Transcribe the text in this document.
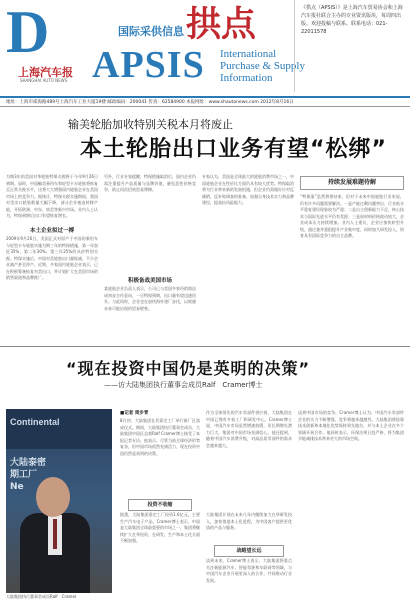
D
上海汽车报
SHANGHAI AUTO NEWS
国际采供信息 拱点
APSIS International
Purchase & Supply
Information
《拱点（APSIS）》是上海汽车贸易协会和上海汽车报社联合主办的专业资讯版块，每周四出版。欢迎投稿与联系。联系电话：021-22011578
地址：上海市威海路489号上海汽车工业大厦19楼 邮政编码：200041 传真：62584900 本报网址：www.shautonews.com 2012年8月16日
输美轮胎加收特别关税本月将废止
本土轮胎出口业务有望“松绑”
为期3年的美国对华轮胎特保关税将于今年9月26日到期。届时，中国輸美乘用车和轻型卡车轮胎将恢复至正常关税水平，这将大大增强国内轮胎企业在美国市场上的竞争力。据统计，特保关税实施期间，我国对美出口轮胎数量大幅下降，部分企业被迫转移产能，开拓欧洲、中东、南美等新兴市场。业内人士认为，特保到期后出口有望恢复增长。
本土企业拟过一搏
2009年9月26日，美国正式对原产于中国的乘用车与轻型卡车轮胎实施为期三年的特保措施，第一年加征35%、第二年30%、第三年25%的从价特别关税。特保实施后，中国对美轮胎出口量锐减，不少企业减产甚至停产。近期，多家国内轮胎企业表示，已在积极筹备恢复对美出口，并计划扩大在美国市场的销售渠道和品牌推广。
另外，行业专家提醒，特保措施取消后，国内企业仍需注重提升产品质量与品牌价值，避免恶性价格竞争，防止再次招致贸易摩擦。
积极备战美国市场
某轮胎企业负责人表示，公司已与美国多家经销商达成初步合作意向，一旦特保到期，出口量有望迅速回升。与此同时，企业也在加快海外建厂步伐，以规避未来可能出现的贸易壁垒。
专家认为，美国是全球最大的轮胎消费市场之一，中国轮胎企业在性价比方面仍具有较大优势。特保取消将为行业带来新的发展机遇，但企业仍需做好应对反倾销、反补贴调查的准备，加强自身技术实力和品牌建设，提高抗风险能力。
持续发展难题待解
“特保案”虽然将要结束，但对于未来中国轮胎行业来说，仍有许多问题需要解决。一是产能过剩问题突出，行业低水平重复建设现象较为严重；二是自主创新能力不足，核心技术与国际先进水平仍有差距；三是原材料价格波动较大，企业成本压力持续增加。业内人士建议，企业应加快转型升级，通过兼并重组提升产业集中度，同时加大研发投入，培育具有国际竞争力的自主品牌。
“现在投资中国仍是英明的决策”
——访大陆集团执行董事会成员Ralf　Cramer博士
Continental
大陆泰密
期工厂
Ne
大陆集团执行董事会成员Ralf　Cramer
■记者 周步青
8月初，大陆集团在其嘉定工厂举行新厂区落成仪式。期间，大陆集团执行董事会成员、大陆集团中国区总裁Ralf Cramer博士接受了本报记者专访。他表示，尽管当前全球经济形势复杂，但中国市场依然充满活力，现在投资中国仍然是英明的决策。
投资不收缩
据悉，大陆集团嘉定工厂投资1.6亿元，主要生产汽车电子产品。Cramer博士表示，中国是大陆集团全球最重要的市场之一，集团将继续扩大在华投资，在研发、生产和本土化方面不断加强。
作为全球领先的汽车零部件供应商，大陆集团在中国已拥有多家工厂和研发中心。Cramer博士说，中国汽车市场虽然增速放缓，但长期增长潜力巨大，集团对中国市场充满信心。他还提到，随着中国汽车消费升级，对高品质零部件的需求会越来越大。
大陆集团计划在未来几年内继续加大在华研发投入，加快推进本土化进程，为中国客户提供更优质的产品与服务。
战略望长远
谈到未来，Cramer博士表示，大陆集团将重点关注新能源汽车、智能驾驶和车联网等领域，与中国汽车企业开展更深入的合作，共同推动行业发展。
谈到中国市场的竞争，Cramer博士认为，中国汽车零部件企业的实力不断增强，竞争将越来越激烈。大陆集团将依靠技术创新和本地化优势保持领先地位，并与本土企业在多个领域开展合作。他同时表示，环保法规日趋严格，将为集团节能减排技术带来更大的市场空间。
